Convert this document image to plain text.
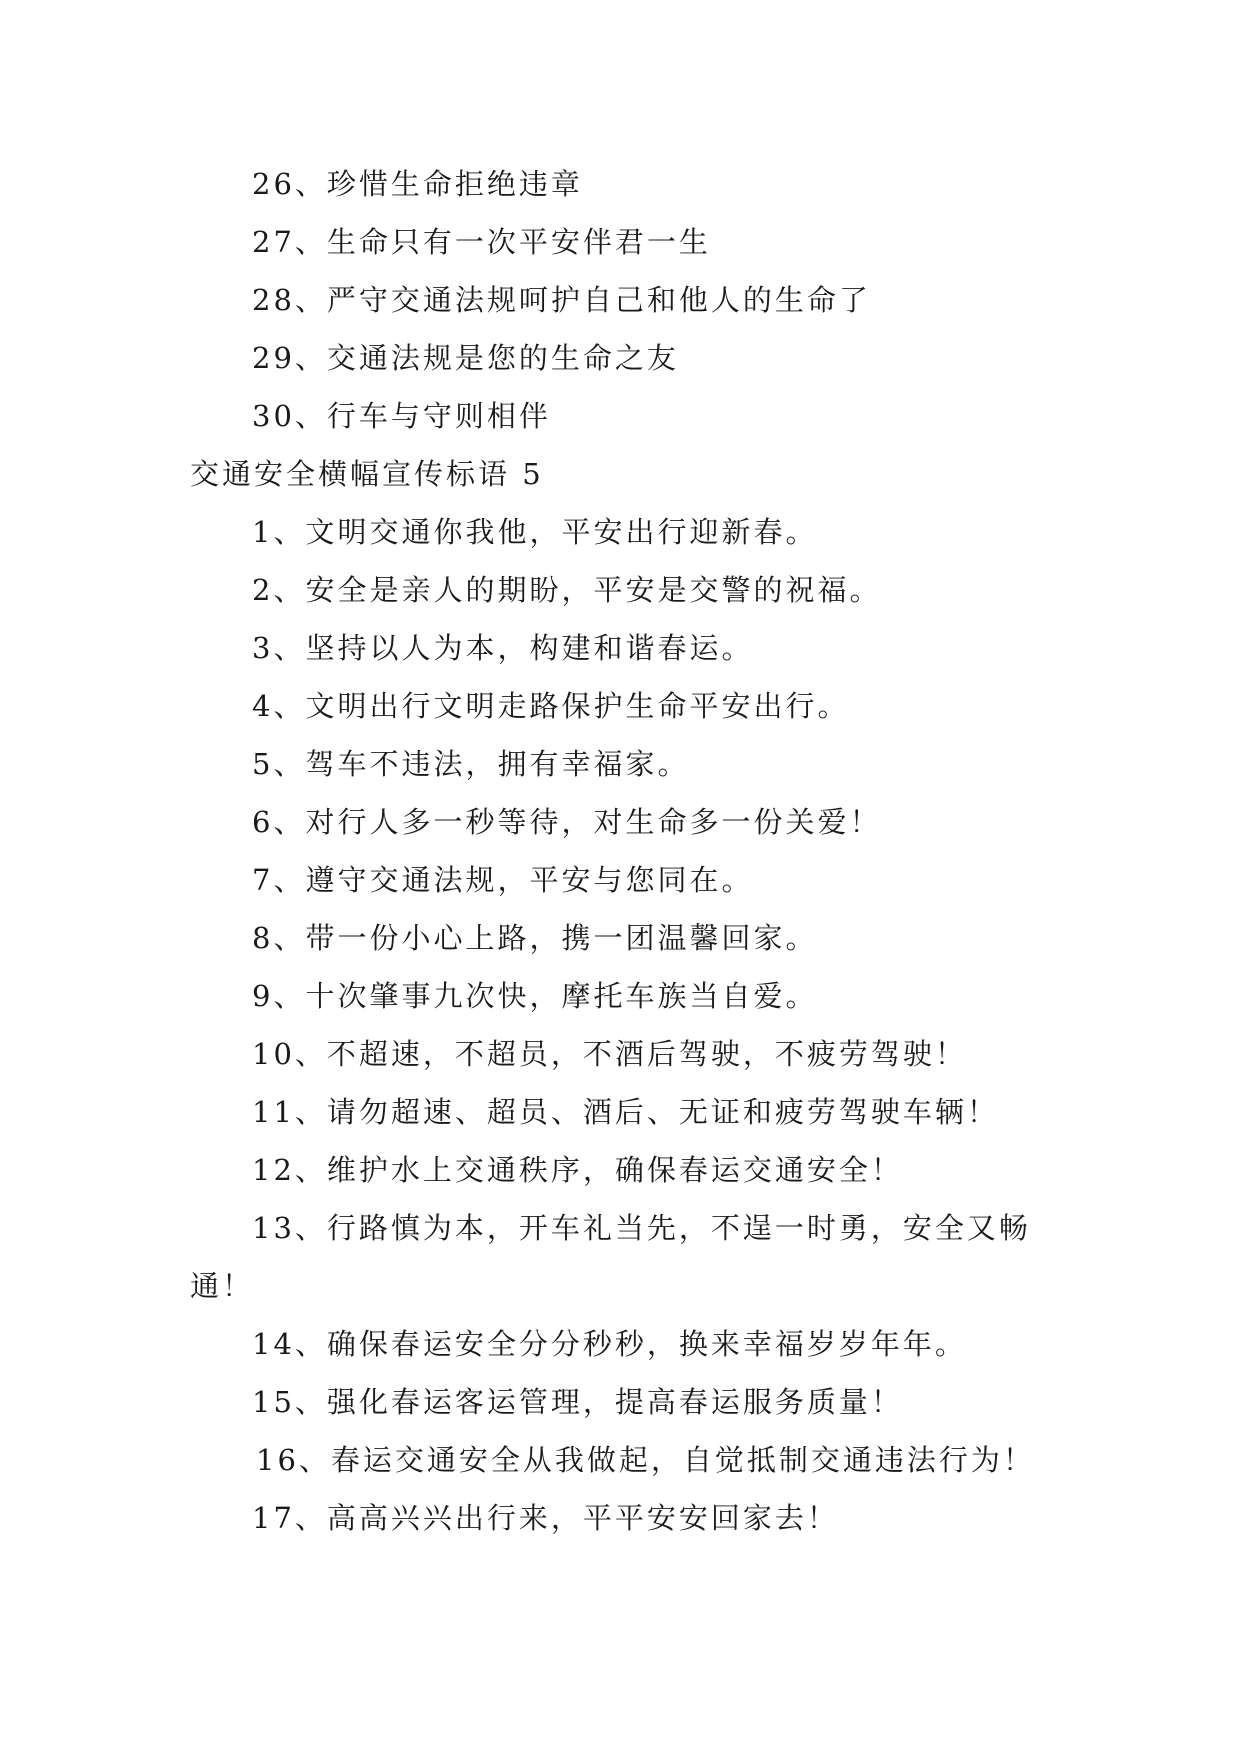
26、珍惜生命拒绝违章
27、生命只有一次平安伴君一生
28、严守交通法规呵护自己和他人的生命了
29、交通法规是您的生命之友
30、行车与守则相伴
交通安全横幅宣传标语 5
1、文明交通你我他，平安出行迎新春。
2、安全是亲人的期盼，平安是交警的祝福。
3、坚持以人为本，构建和谐春运。
4、文明出行文明走路保护生命平安出行。
5、驾车不违法，拥有幸福家。
6、对行人多一秒等待，对生命多一份关爱！
7、遵守交通法规，平安与您同在。
8、带一份小心上路，携一团温馨回家。
9、十次肇事九次快，摩托车族当自爱。
10、不超速，不超员，不酒后驾驶，不疲劳驾驶！
11、请勿超速、超员、酒后、无证和疲劳驾驶车辆！
12、维护水上交通秩序，确保春运交通安全！
13、行路慎为本，开车礼当先，不逞一时勇，安全又畅
通！
14、确保春运安全分分秒秒，换来幸福岁岁年年。
15、强化春运客运管理，提高春运服务质量！
16、春运交通安全从我做起，自觉抵制交通违法行为！
17、高高兴兴出行来，平平安安回家去！
